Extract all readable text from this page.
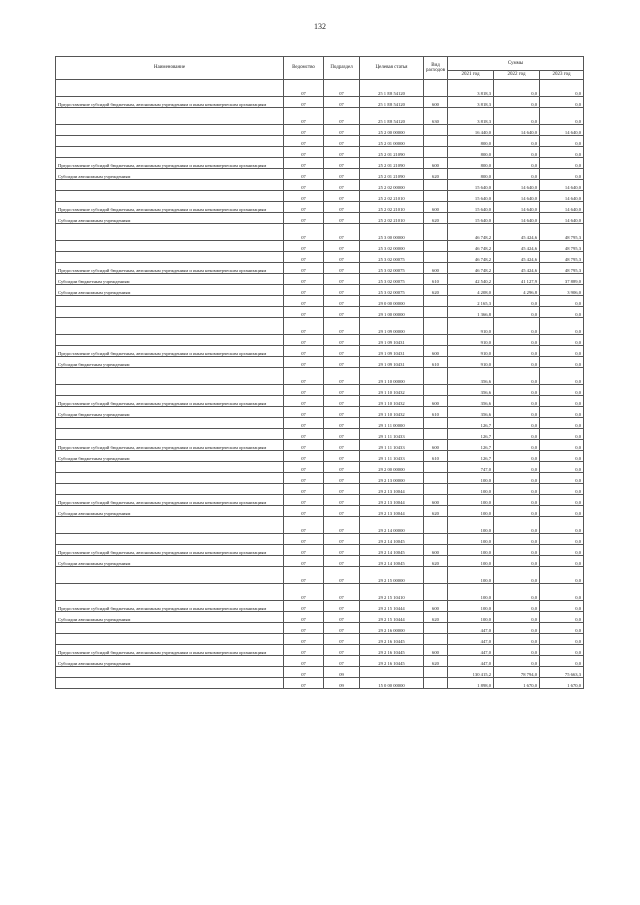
132
Наименование	Ведомство	Подраздел	Целевая статья	Вид расходов	Суммы		
					2021 год	2022 год	2023 год
	07	07	25 1 E8 54120		3 818,3	0,0	0,0
Предоставление субсидий бюджетным, автономным учреждениям и иным некоммерческим организациям	07	07	25 1 E8 54120	600	3 818,3	0,0	0,0
	07	07	25 1 E8 54120	630	3 818,3	0,0	0,0
	07	07	25 2 00 00000		16 440,0	14 640,0	14 640,0
	07	07	25 2 01 00000		800,0	0,0	0,0
	07	07	25 2 01 21090		800,0	0,0	0,0
Предоставление субсидий бюджетным, автономным учреждениям и иным некоммерческим организациям	07	07	25 2 01 21090	600	800,0	0,0	0,0
Субсидии автономным учреждениям	07	07	25 2 01 21090	620	800,0	0,0	0,0
	07	07	25 2 02 00000		15 640,0	14 640,0	14 640,0
	07	07	25 2 02 21010		15 640,0	14 640,0	14 640,0
Предоставление субсидий бюджетным, автономным учреждениям и иным некоммерческим организациям	07	07	25 2 02 21010	600	15 640,0	14 640,0	14 640,0
Субсидии автономным учреждениям	07	07	25 2 02 21010	620	15 640,0	14 640,0	14 640,0
	07	07	25 3 00 00000		46 748,2	45 424,6	48 795,3
	07	07	25 3 02 00000		46 748,2	45 424,6	48 795,3
	07	07	25 3 02 00075		46 748,2	45 424,6	48 795,3
Предоставление субсидий бюджетным, автономным учреждениям и иным некоммерческим организациям	07	07	25 3 02 00075	600	46 748,2	45 424,6	48 795,3
Субсидии бюджетным учреждениям	07	07	25 3 02 00075	610	42 540,2	41 127,9	37 889,0
Субсидии автономным учреждениям	07	07	25 3 02 00075	620	4 208,0	4 296,8	3 906,0
	07	07	29 0 00 00000		2 165,3	0,0	0,0
	07	07	29 1 00 00000		1 366,8	0,0	0,0
	07	07	29 1 09 00000		910,0	0,0	0,0
	07	07	29 1 09 10431		910,0	0,0	0,0
Предоставление субсидий бюджетным, автономным учреждениям и иным некоммерческим организациям	07	07	29 1 09 10431	600	910,0	0,0	0,0
Субсидии бюджетным учреждениям	07	07	29 1 09 10431	610	910,0	0,0	0,0
	07	07	29 1 10 00000		356,6	0,0	0,0
	07	07	29 1 10 10432		356,6	0,0	0,0
Предоставление субсидий бюджетным, автономным учреждениям и иным некоммерческим организациям	07	07	29 1 10 10432	600	356,6	0,0	0,0
Субсидии бюджетным учреждениям	07	07	29 1 10 10432	610	356,6	0,0	0,0
	07	07	29 1 11 00000		126,7	0,0	0,0
	07	07	29 1 11 10433		126,7	0,0	0,0
Предоставление субсидий бюджетным, автономным учреждениям и иным некоммерческим организациям	07	07	29 1 11 10433	600	126,7	0,0	0,0
Субсидии бюджетным учреждениям	07	07	29 1 11 10433	610	126,7	0,0	0,0
	07	07	29 2 00 00000		747,0	0,0	0,0
	07	07	29 2 13 00000		100,0	0,0	0,0
	07	07	29 2 13 10044		100,0	0,0	0,0
Предоставление субсидий бюджетным, автономным учреждениям и иным некоммерческим организациям	07	07	29 2 13 10044	600	100,0	0,0	0,0
Субсидии автономным учреждениям	07	07	29 2 13 10044	620	100,0	0,0	0,0
	07	07	29 2 14 00000		100,0	0,0	0,0
	07	07	29 2 14 10045		100,0	0,0	0,0
Предоставление субсидий бюджетным, автономным учреждениям и иным некоммерческим организациям	07	07	29 2 14 10045	600	100,0	0,0	0,0
Субсидии автономным учреждениям	07	07	29 2 14 10045	620	100,0	0,0	0,0
	07	07	29 2 15 00000		100,0	0,0	0,0
	07	07	29 2 15 10410		100,0	0,0	0,0
Предоставление субсидий бюджетным, автономным учреждениям и иным некоммерческим организациям	07	07	29 2 15 10444	600	100,0	0,0	0,0
Субсидии автономным учреждениям	07	07	29 2 15 10444	620	100,0	0,0	0,0
	07	07	29 2 16 00000		447,0	0,0	0,0
	07	07	29 2 16 10445		447,0	0,0	0,0
Предоставление субсидий бюджетным, автономным учреждениям и иным некоммерческим организациям	07	07	29 2 16 10445	600	447,0	0,0	0,0
Субсидии автономным учреждениям	07	07	29 2 16 10445	620	447,0	0,0	0,0
	07	09			130 415,2	78 794,0	75 663,3
	07	09	15 0 00 00000		1 898,0	1 670,0	1 670,0
